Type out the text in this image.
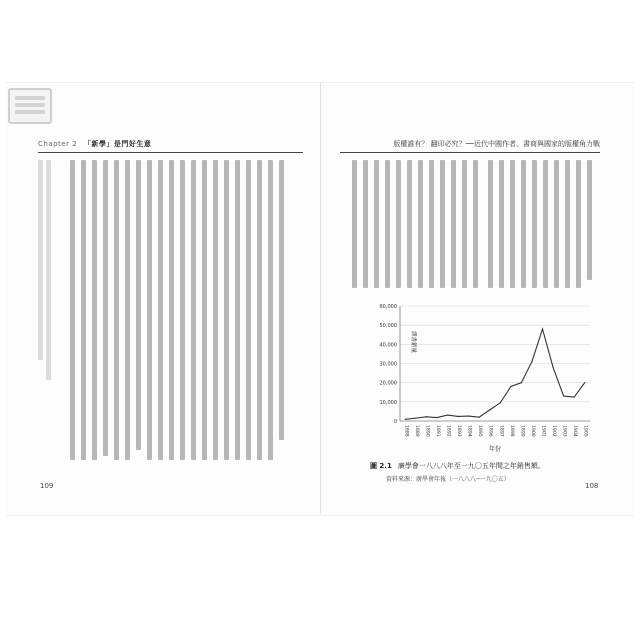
Chapter 2 「新學」是門好生意	版權誰有？ 翻印必究？──近代中國作者、書商與國家的版權角力戰
109	108
0
10,000
20,000
30,000
40,000
50,000
60,000
1888 1889 1890 1891 1892 1893 1894 1895 1896 1897 1898 1899 1900 1901 1902 1903 1904 1905
譯書銷量
年份
圖 2.1 廣學會一八八八年至一九〇五年間之年銷售額。
資料來源：廣學會年報（一八八八─一九〇五）
